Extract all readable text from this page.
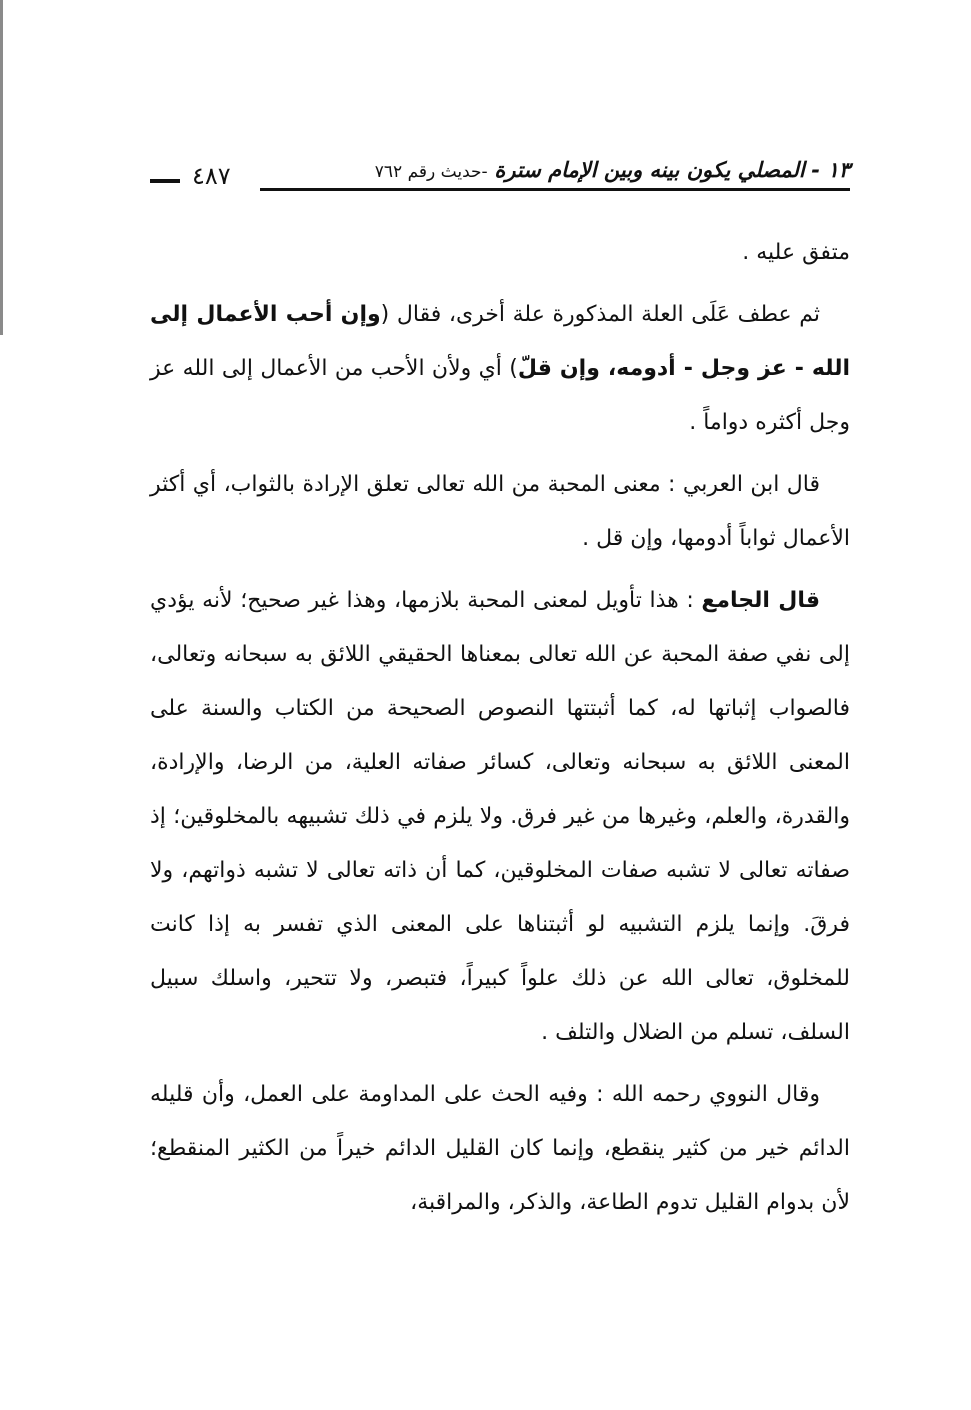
١٣ - المصلي يكون بينه وبين الإمام سترة -حديث رقم ٧٦٢
٤٨٧

متفق عليه .

ثم عطف عَلَى العلة المذكورة علة أخرى، فقال (وإن أحب الأعمال إلى الله - عز وجل - أدومه، وإن قلّ) أي ولأن الأحب من الأعمال إلى الله عز وجل أكثره دواماً .

قال ابن العربي : معنى المحبة من الله تعالى تعلق الإرادة بالثواب، أي أكثر الأعمال ثواباً أدومها، وإن قل .

قال الجامع : هذا تأويل لمعنى المحبة بلازمها، وهذا غير صحيح؛ لأنه يؤدي إلى نفي صفة المحبة عن الله تعالى بمعناها الحقيقي اللائق به سبحانه وتعالى، فالصواب إثباتها له، كما أثبتتها النصوص الصحيحة من الكتاب والسنة على المعنى اللائق به سبحانه وتعالى، كسائر صفاته العلية، من الرضا، والإرادة، والقدرة، والعلم، وغيرها من غير فرق. ولا يلزم في ذلك تشبيهه بالمخلوقين؛ إذ صفاته تعالى لا تشبه صفات المخلوقين، كما أن ذاته تعالى لا تشبه ذواتهم، ولا فرقَ. وإنما يلزم التشبيه لو أثبتناها على المعنى الذي تفسر به إذا كانت للمخلوق، تعالى الله عن ذلك علواً كبيراً، فتبصر، ولا تتحير، واسلك سبيل السلف، تسلم من الضلال والتلف .

وقال النووي رحمه الله : وفيه الحث على المداومة على العمل، وأن قليله الدائم خير من كثير ينقطع، وإنما كان القليل الدائم خيراً من الكثير المنقطع؛ لأن بدوام القليل تدوم الطاعة، والذكر، والمراقبة،
